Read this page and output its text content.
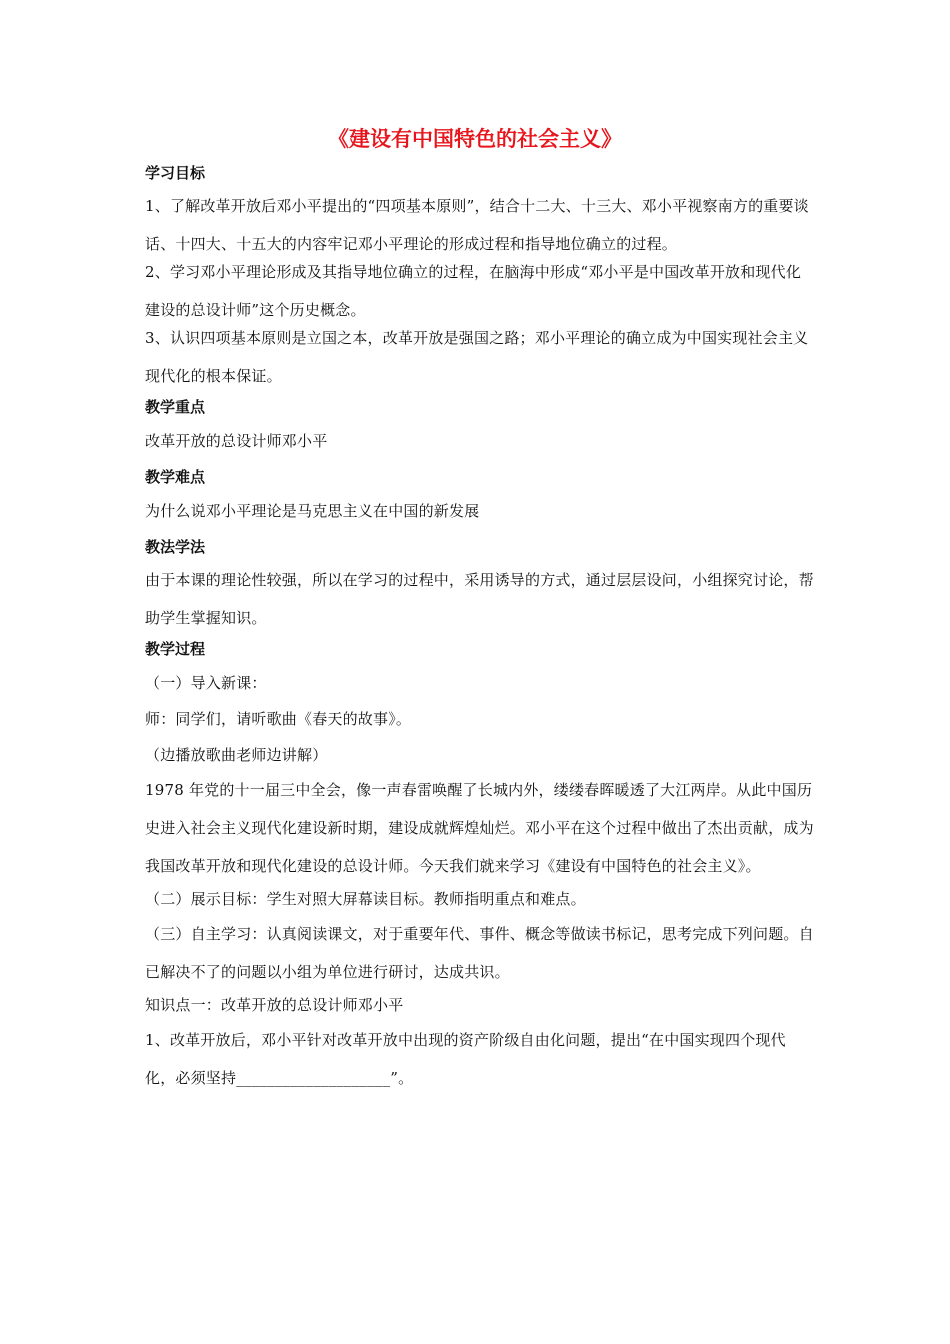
《建设有中国特色的社会主义》
学习目标
1、了解改革开放后邓小平提出的“四项基本原则”，结合十二大、十三大、邓小平视察南方的重要谈话、十四大、十五大的内容牢记邓小平理论的形成过程和指导地位确立的过程。
2、学习邓小平理论形成及其指导地位确立的过程，在脑海中形成“邓小平是中国改革开放和现代化建设的总设计师”这个历史概念。
3、认识四项基本原则是立国之本，改革开放是强国之路；邓小平理论的确立成为中国实现社会主义现代化的根本保证。
教学重点
改革开放的总设计师邓小平
教学难点
为什么说邓小平理论是马克思主义在中国的新发展
教法学法
由于本课的理论性较强，所以在学习的过程中，采用诱导的方式，通过层层设问，小组探究讨论，帮助学生掌握知识。
教学过程
（一）导入新课：
师：同学们，请听歌曲《春天的故事》。
（边播放歌曲老师边讲解）
1978 年党的十一届三中全会，像一声春雷唤醒了长城内外，缕缕春晖暖透了大江两岸。从此中国历史进入社会主义现代化建设新时期，建设成就辉煌灿烂。邓小平在这个过程中做出了杰出贡献，成为我国改革开放和现代化建设的总设计师。今天我们就来学习《建设有中国特色的社会主义》。
（二）展示目标：学生对照大屏幕读目标。教师指明重点和难点。
（三）自主学习：认真阅读课文，对于重要年代、事件、概念等做读书标记，思考完成下列问题。自已解决不了的问题以小组为单位进行研讨，达成共识。
知识点一：改革开放的总设计师邓小平
1、改革开放后，邓小平针对改革开放中出现的资产阶级自由化问题，提出“在中国实现四个现代化，必须坚持____________________”。
